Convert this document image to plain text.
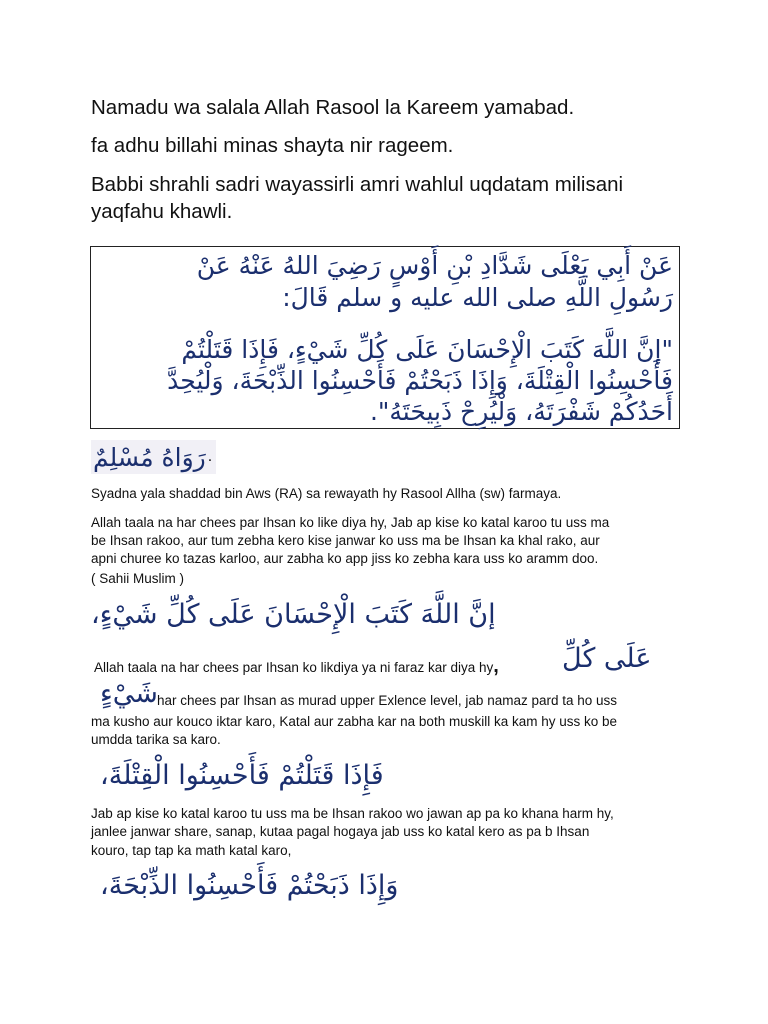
Namadu wa salala Allah Rasool la Kareem yamabad.
fa adhu billahi minas shayta nir rageem.
Babbi shrahli sadri wayassirli amri wahlul uqdatam milisani
yaqfahu khawli.
عَنْ أَبِي يَعْلَى شَدَّادِ بْنِ أَوْسٍ رَضِيَ اللهُ عَنْهُ عَنْ
رَسُولِ اللَّهِ صلى الله عليه و سلم قَالَ:
"إنَّ اللَّهَ كَتَبَ الْإِحْسَانَ عَلَى كُلِّ شَيْءٍ، فَإِذَا قَتَلْتُمْ
فَأَحْسِنُوا الْقِتْلَةَ، وَإِذَا ذَبَحْتُمْ فَأَحْسِنُوا الذِّبْحَةَ، وَلْيُحِدَّ
أَحَدُكُمْ شَفْرَتَهُ، وَلْيُرِحْ ذَبِيحَتَهُ".
رَوَاهُ مُسْلِمٌ .
Syadna yala shaddad bin Aws (RA) sa rewayath hy Rasool Allha (sw) farmaya.
Allah taala na har chees par Ihsan ko like diya hy, Jab ap kise ko katal karoo tu uss ma
be Ihsan rakoo, aur tum zebha kero kise janwar ko uss ma be Ihsan ka khal rako, aur
apni churee ko tazas karloo, aur zabha ko app jiss ko zebha kara uss ko aramm doo.
( Sahii Muslim )
إنَّ اللَّهَ كَتَبَ الْإِحْسَانَ عَلَى كُلِّ شَيْءٍ،
Allah taala na har chees par Ihsan ko likdiya ya ni faraz kar diya hy, عَلَى كُلِّ
شَيْءٍ har chees par Ihsan as murad upper Exlence level, jab namaz pard ta ho uss
ma kusho aur kouco iktar karo, Katal aur zabha kar na both muskill ka kam hy uss ko be
umdda tarika sa karo.
فَإِذَا قَتَلْتُمْ فَأَحْسِنُوا الْقِتْلَةَ،
Jab ap kise ko katal karoo tu uss ma be Ihsan rakoo wo jawan ap pa ko khana harm hy,
janlee janwar share, sanap, kutaa pagal hogaya jab uss ko katal kero as pa b Ihsan
kouro, tap tap ka math katal karo,
وَإِذَا ذَبَحْتُمْ فَأَحْسِنُوا الذِّبْحَةَ،
